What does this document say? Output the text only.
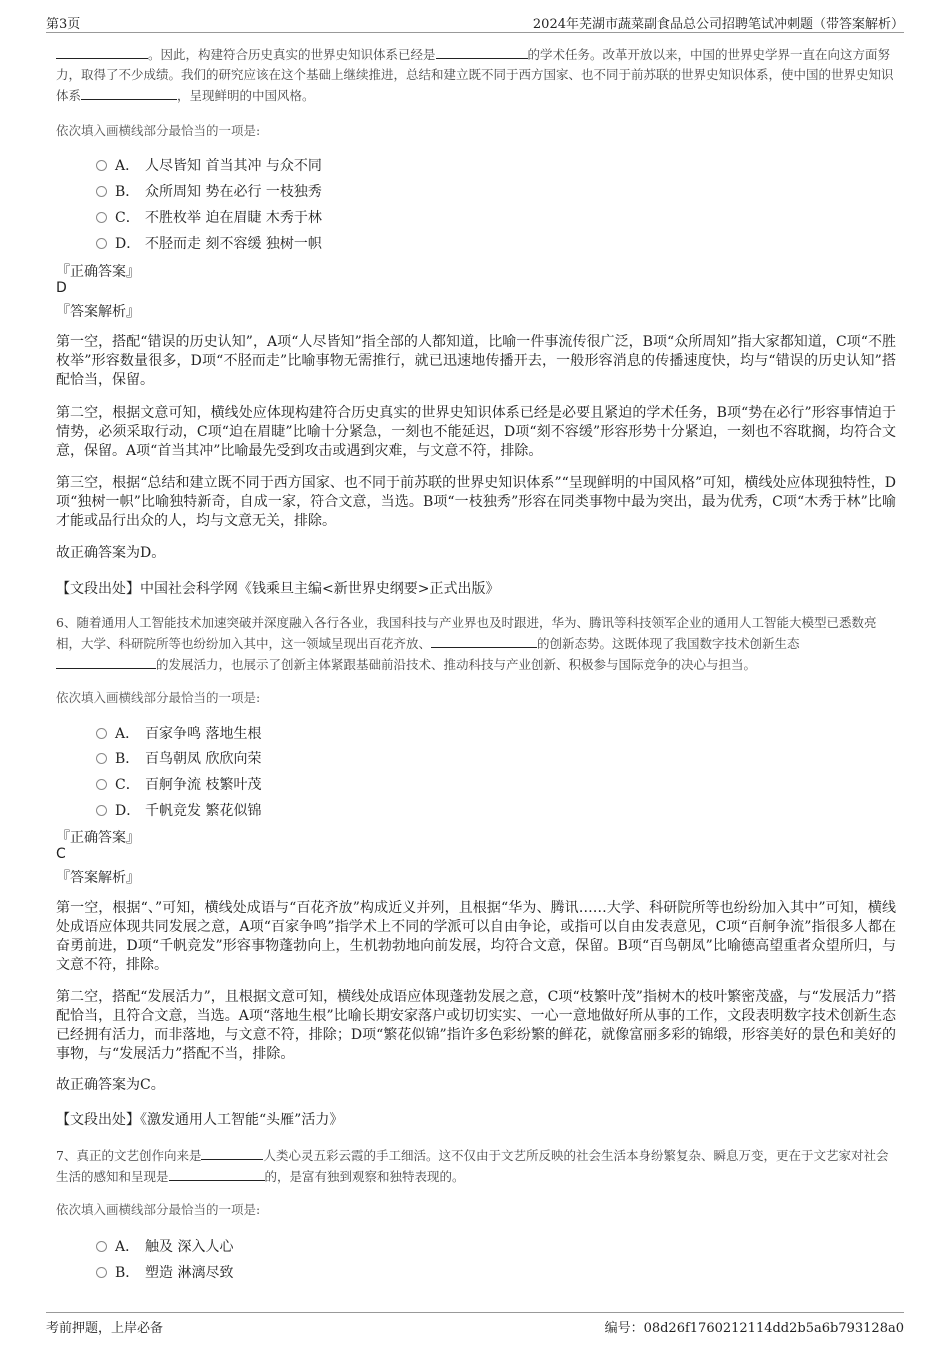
第3页	2024年芜湖市蔬菜副食品总公司招聘笔试冲刺题（带答案解析）
。因此，构建符合历史真实的世界史知识体系已经是	的学术任务。改革开放以来，中国的世界史学界一直在向这方面努力，取得了不少成绩。我们的研究应该在这个基础上继续推进，总结和建立既不同于西方国家、也不同于前苏联的世界史知识体系，使中国的世界史知识体系	，呈现鲜明的中国风格。
依次填入画横线部分最恰当的一项是:
A． 人尽皆知 首当其冲 与众不同
B． 众所周知 势在必行 一枝独秀
C． 不胜枚举 迫在眉睫 木秀于林
D． 不胫而走 刻不容缓 独树一帜
『正确答案』
D
『答案解析』
第一空，搭配“错误的历史认知”，A项“人尽皆知”指全部的人都知道，比喻一件事流传很广泛，B项“众所周知”指大家都知道，C项“不胜枚举”形容数量很多，D项“不胫而走”比喻事物无需推行，就已迅速地传播开去，一般形容消息的传播速度快，均与“错误的历史认知”搭配恰当，保留。
第二空，根据文意可知，横线处应体现构建符合历史真实的世界史知识体系已经是必要且紧迫的学术任务，B项“势在必行”形容事情迫于情势，必须采取行动，C项“迫在眉睫”比喻十分紧急，一刻也不能延迟，D项“刻不容缓”形容形势十分紧迫，一刻也不容耽搁，均符合文意，保留。A项“首当其冲”比喻最先受到攻击或遇到灾难，与文意不符，排除。
第三空，根据“总结和建立既不同于西方国家、也不同于前苏联的世界史知识体系”“呈现鲜明的中国风格”可知，横线处应体现独特性，D项“独树一帜”比喻独特新奇，自成一家，符合文意，当选。B项“一枝独秀”形容在同类事物中最为突出，最为优秀，C项“木秀于林”比喻才能或品行出众的人，均与文意无关，排除。
故正确答案为D。
【文段出处】中国社会科学网《钱乘旦主编<新世界史纲要>正式出版》
6、随着通用人工智能技术加速突破并深度融入各行各业，我国科技与产业界也及时跟进，华为、腾讯等科技领军企业的通用人工智能大模型已悉数亮相，大学、科研院所等也纷纷加入其中，这一领域呈现出百花齐放、	的创新态势。这既体现了我国数字技术创新生态的发展活力，也展示了创新主体紧跟基础前沿技术、推动科技与产业创新、积极参与国际竞争的决心与担当。
依次填入画横线部分最恰当的一项是:
A． 百家争鸣 落地生根
B． 百鸟朝凤 欣欣向荣
C． 百舸争流 枝繁叶茂
D． 千帆竞发 繁花似锦
『正确答案』
C
『答案解析』
第一空，根据“、”可知，横线处成语与“百花齐放”构成近义并列，且根据“华为、腾讯……大学、科研院所等也纷纷加入其中”可知，横线处成语应体现共同发展之意，A项“百家争鸣”指学术上不同的学派可以自由争论，或指可以自由发表意见，C项“百舸争流”指很多人都在奋勇前进，D项“千帆竞发”形容事物蓬勃向上，生机勃勃地向前发展，均符合文意，保留。B项“百鸟朝凤”比喻德高望重者众望所归，与文意不符，排除。
第二空，搭配“发展活力”，且根据文意可知，横线处成语应体现蓬勃发展之意，C项“枝繁叶茂”指树木的枝叶繁密茂盛，与“发展活力”搭配恰当，且符合文意，当选。A项“落地生根”比喻长期安家落户或切切实实、一心一意地做好所从事的工作，文段表明数字技术创新生态已经拥有活力，而非落地，与文意不符，排除；D项“繁花似锦”指许多色彩纷繁的鲜花，就像富丽多彩的锦缎，形容美好的景色和美好的事物，与“发展活力”搭配不当，排除。
故正确答案为C。
【文段出处】《激发通用人工智能“头雁”活力》
7、真正的文艺创作向来是	人类心灵五彩云霞的手工细活。这不仅由于文艺所反映的社会生活本身纷繁复杂、瞬息万变，更在于文艺家对社会生活的感知和呈现是	的，是富有独到观察和独特表现的。
依次填入画横线部分最恰当的一项是:
A． 触及 深入人心
B． 塑造 淋漓尽致
考前押题，上岸必备	编号：08d26f1760212114dd2b5a6b793128a0
